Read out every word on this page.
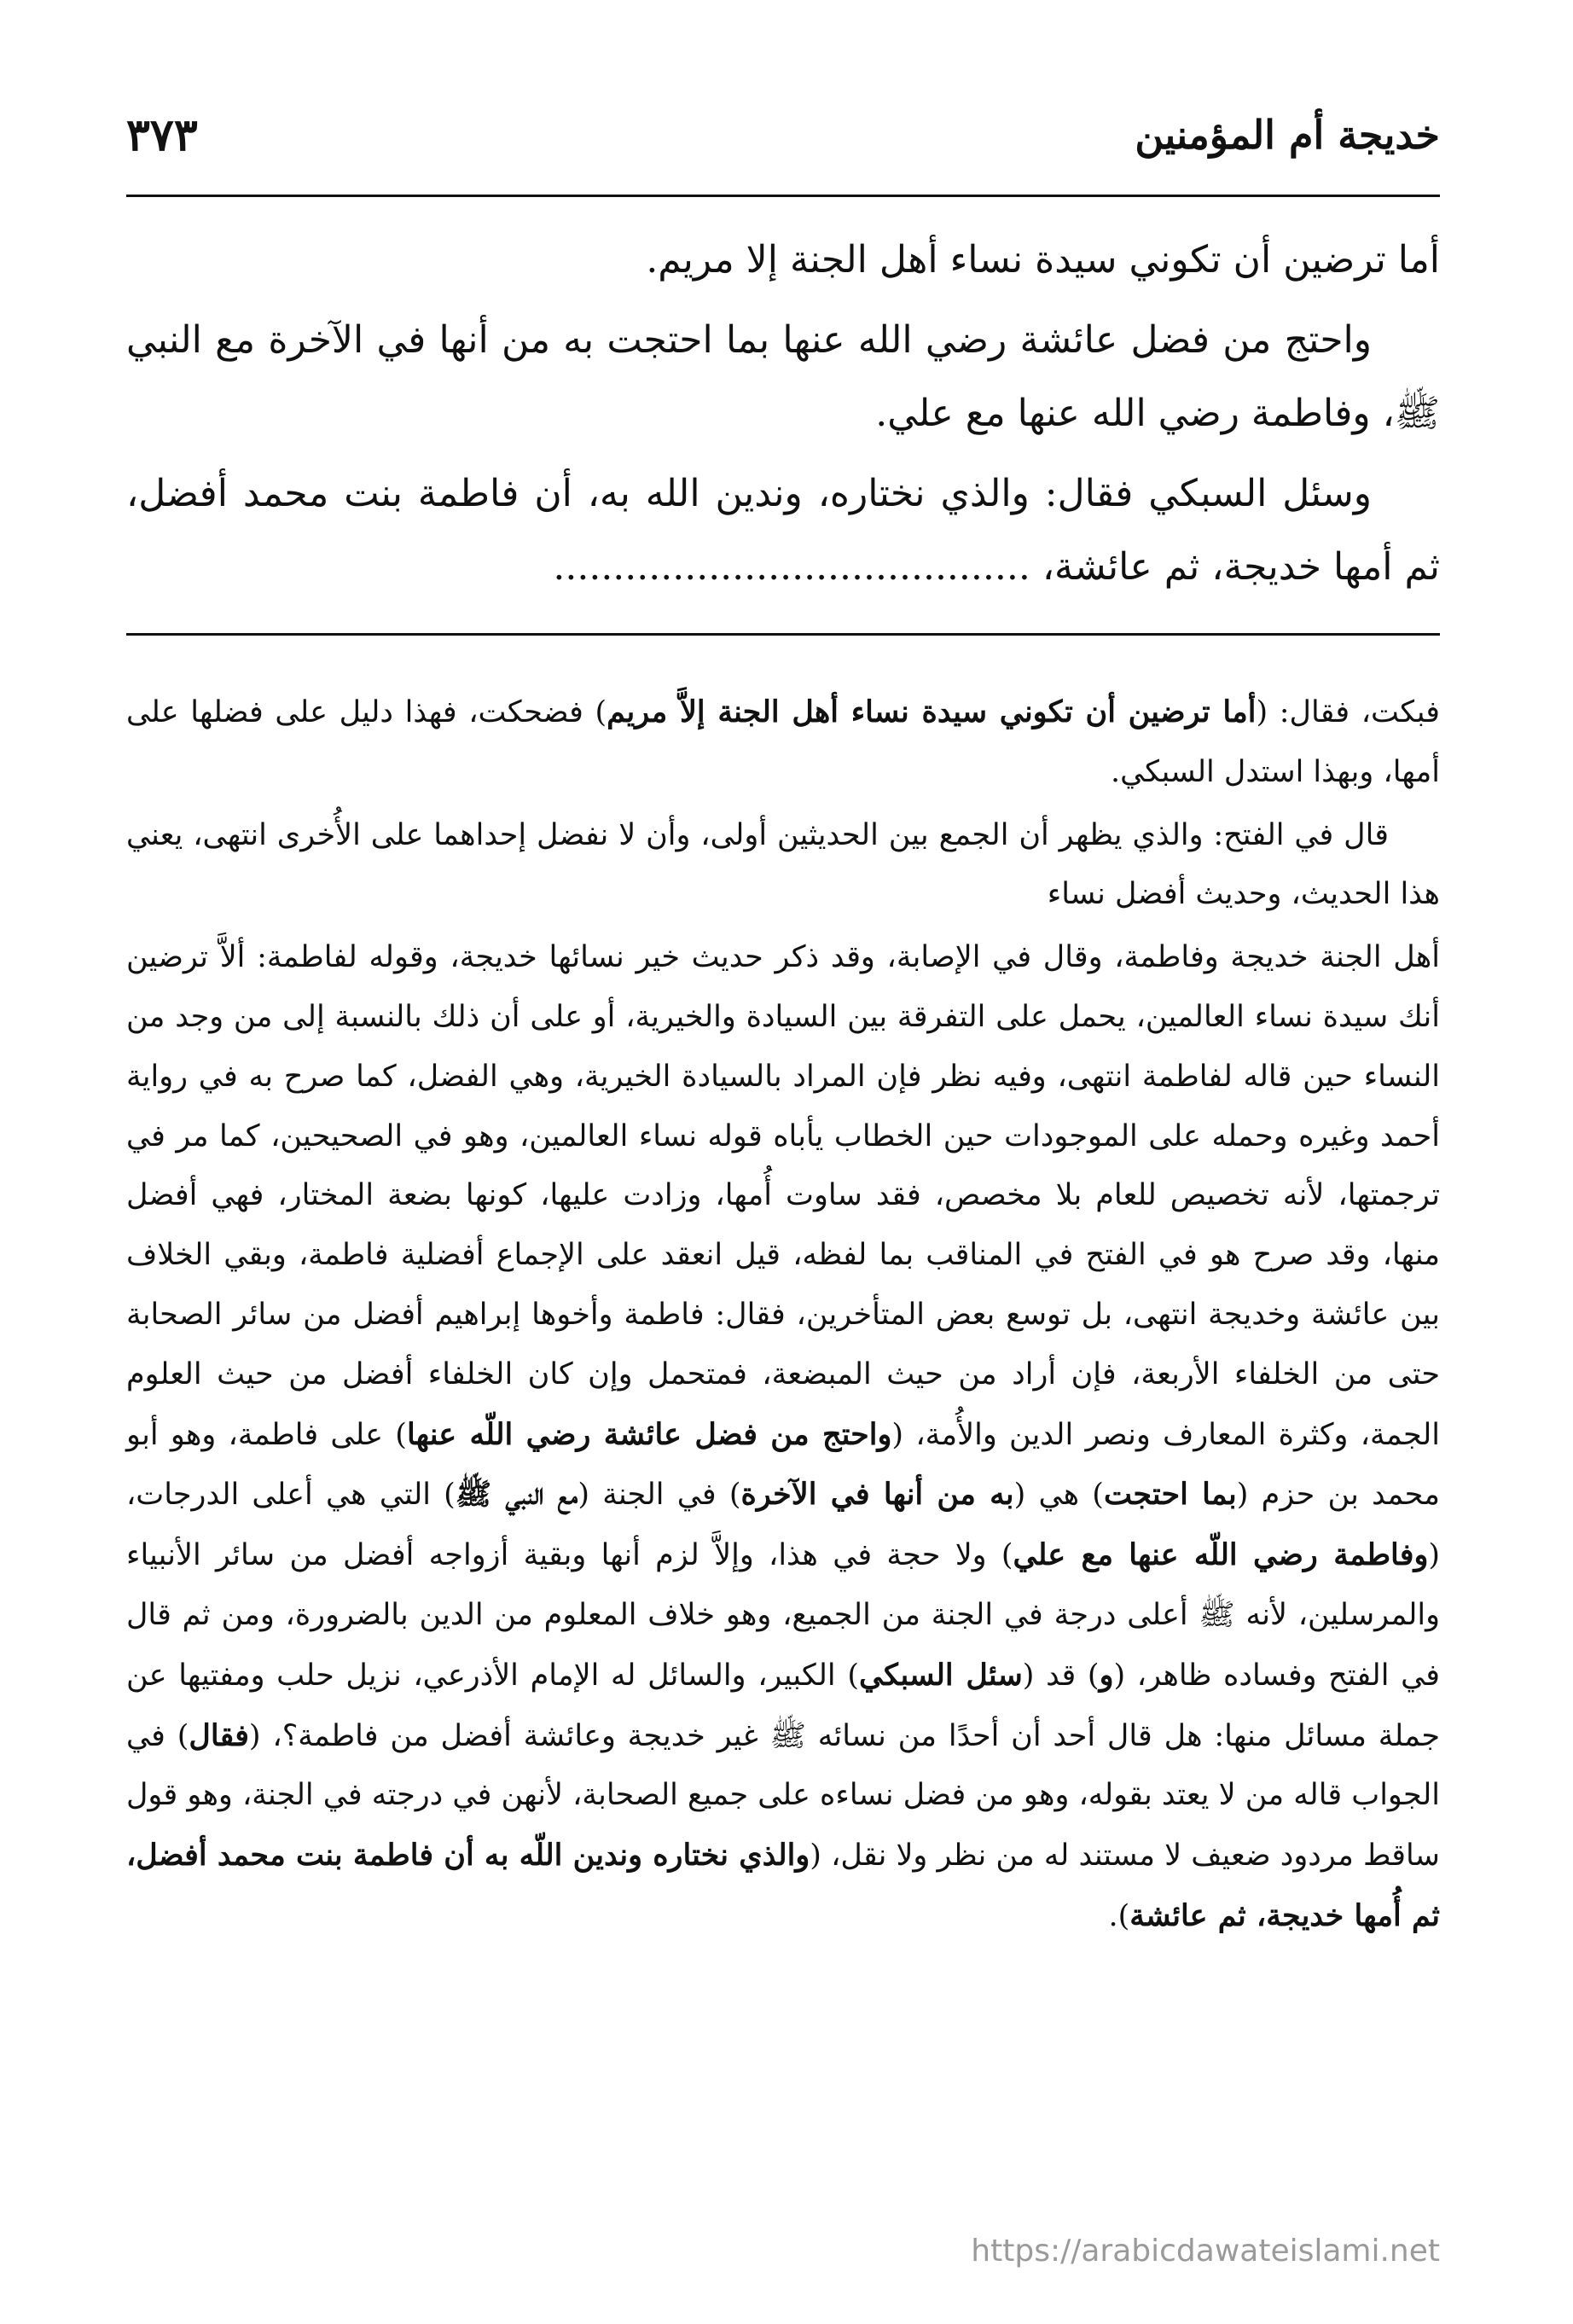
٣٧٣	خديجة أم المؤمنين

أما ترضين أن تكوني سيدة نساء أهل الجنة إلا مريم.

واحتج من فضل عائشة رضي الله عنها بما احتجت به من أنها في الآخرة مع النبي ﷺ، وفاطمة رضي الله عنها مع علي.

وسئل السبكي فقال: والذي نختاره، وندين الله به، أن فاطمة بنت محمد أفضل، ثم أمها خديجة، ثم عائشة،........................................

فبكت، فقال: (أما ترضين أن تكوني سيدة نساء أهل الجنة إلاَّ مريم) فضحكت، فهذا دليل على فضلها على أمها، وبهذا استدل السبكي.

قال في الفتح: والذي يظهر أن الجمع بين الحديثين أولى، وأن لا نفضل إحداهما على الأُخرى انتهى، يعني هذا الحديث، وحديث أفضل نساء

أهل الجنة خديجة وفاطمة، وقال في الإصابة، وقد ذكر حديث خير نسائها خديجة، وقوله لفاطمة: ألاَّ ترضين أنك سيدة نساء العالمين، يحمل على التفرقة بين السيادة والخيرية، أو على أن ذلك بالنسبة إلى من وجد من النساء حين قاله لفاطمة انتهى، وفيه نظر فإن المراد بالسيادة الخيرية، وهي الفضل، كما صرح به في رواية أحمد وغيره وحمله على الموجودات حين الخطاب يأباه قوله نساء العالمين، وهو في الصحيحين، كما مر في ترجمتها، لأنه تخصيص للعام بلا مخصص، فقد ساوت أُمها، وزادت عليها، كونها بضعة المختار، فهي أفضل منها، وقد صرح هو في الفتح في المناقب بما لفظه، قيل انعقد على الإجماع أفضلية فاطمة، وبقي الخلاف بين عائشة وخديجة انتهى، بل توسع بعض المتأخرين، فقال: فاطمة وأخوها إبراهيم أفضل من سائر الصحابة حتى من الخلفاء الأربعة، فإن أراد من حيث المبضعة، فمتحمل وإن كان الخلفاء أفضل من حيث العلوم الجمة، وكثرة المعارف ونصر الدين والأُمة، (واحتج من فضل عائشة رضي اللّه عنها) على فاطمة، وهو أبو محمد بن حزم (بما احتجت) هي (به من أنها في الآخرة) في الجنة (مع النبي ﷺ) التي هي أعلى الدرجات، (وفاطمة رضي اللّه عنها مع علي) ولا حجة في هذا، وإلاَّ لزم أنها وبقية أزواجه أفضل من سائر الأنبياء والمرسلين، لأنه ﷺ أعلى درجة في الجنة من الجميع، وهو خلاف المعلوم من الدين بالضرورة، ومن ثم قال في الفتح وفساده ظاهر، (و) قد (سئل السبكي) الكبير، والسائل له الإمام الأذرعي، نزيل حلب ومفتيها عن جملة مسائل منها: هل قال أحد أن أحدًا من نسائه ﷺ غير خديجة وعائشة أفضل من فاطمة؟، (فقال) في الجواب قاله من لا يعتد بقوله، وهو من فضل نساءه على جميع الصحابة، لأنهن في درجته في الجنة، وهو قول ساقط مردود ضعيف لا مستند له من نظر ولا نقل، (والذي نختاره وندين اللّه به أن فاطمة بنت محمد أفضل، ثم أُمها خديجة، ثم عائشة).

https://arabicdawateislami.net
